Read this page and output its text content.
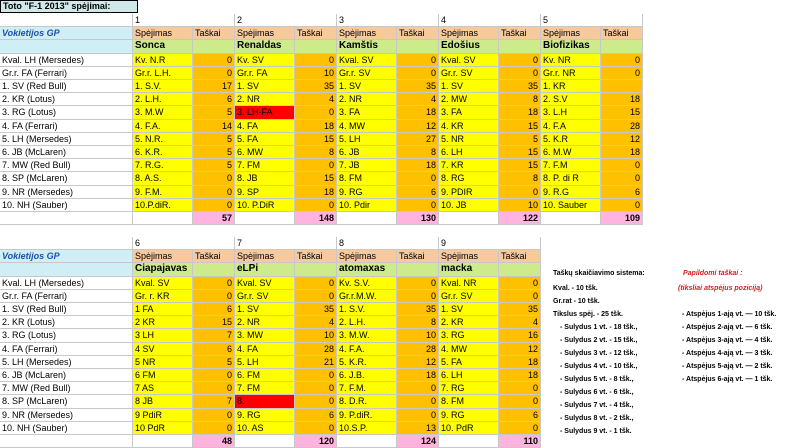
Toto "F-1 2013" spėjimai:
1	2	3	4	5
Vokietijos GP	Spėjimas	Taškai	Spėjimas	Taškai	Spėjimas	Taškai	Spėjimas	Taškai	Spėjimas	Taškai
Sonca	Renaldas	Kamštis	Edošius	Biofizikas
Kval. LH (Mersedes)	Kv. N.R	0 Kv. SV	0 Kval. SV	0 Kval. SV	0 Kv. NR	0
Gr.r. FA (Ferrari)	Gr.r. L.H.	0 Gr.r. FA	10 Gr.r. SV	0 Gr.r. SV	0 Gr.r. NR	0
1. SV (Red Bull)	1. S.V.	17 1. SV	35 1. SV	35 1. SV	35 1. KR
2. KR (Lotus)	2. L.H.	6 2. NR	4 2. NR	4 2. MW	8 2. S.V	18
3. RG (Lotus)	3. M.W	5 3. LH-FA	0 3. FA	18 3. FA	18 3. L.H	15
4. FA (Ferrari)	4. F.A.	14 4. FA	18 4. MW	12 4. KR	15 4. F.A	28
5. LH (Mersedes)	5. N.R.	5 5. FA	15 5. LH	27 5. NR	5 5. K.R	12
6. JB (McLaren)	6. K.R.	5 6. MW	8 6. JB	8 6. LH	15 6. M.W	18
7. MW (Red Bull)	7. R.G.	5 7. FM	0 7. JB	18 7. KR	15 7. F.M	0
8. SP (McLaren)	8. A.S.	0 8. JB	15 8. FM	0 8. RG	8 8. P. di R	0
9. NR (Mersedes)	9. F.M.	0 9. SP	18 9. RG	6 9. PDIR	0 9. R.G	6
10. NH (Sauber)	10.P.diR.	0 10. P.DiR	0 10. Pdir	0 10. JB	10 10. Sauber	0
57	148	130	122	109
6	7	8	9
Vokietijos GP	Spėjimas	Taškai	Spėjimas	Taškai	Spėjimas	Taškai	Spėjimas	Taškai
Ciapajavas	eLPi	atomaxas	macka
Kval. LH (Mersedes)	Kval. SV	0 Kval. SV	0 Kv. S.V.	0 Kval. NR	0
Gr.r. FA (Ferrari)	Gr. r. KR	0 Gr.r. SV	0 Gr.r.M.W.	0 Gr.r. SV	0
1. SV (Red Bull)	1 FA	6 1. SV	35 1. S.V.	35 1. SV	35
2. KR (Lotus)	2 KR	15 2. NR	4 2. L.H.	8 2. KR	4
3. RG (Lotus)	3 LH	7 3. MW	10 3. M.W.	10 3. RG	16
4. FA (Ferrari)	4 SV	6 4. FA	28 4. F.A.	28 4. MW	12
5. LH (Mersedes)	5 NR	5 5. LH	21 5. K.R.	12 5. FA	18
6. JB (McLaren)	6 FM	0 6. FM	0 6. J.B.	18 6. LH	18
7. MW (Red Bull)	7 AS	0 7. FM	0 7. F.M.	0 7. RG	0
8. SP (McLaren)	8 JB	7 8.	0 8. D.R.	0 8. FM	0
9. NR (Mersedes)	9 PdiR	0 9. RG	6 9. P.diR.	0 9. RG	6
10. NH (Sauber)	10 PdR	0 10. AS	0 10.S.P.	13 10. PdR	0
48	120	124	110
Taškų skaičiavimo sistema:
Kval. - 10 tšk.
Gr.rat - 10 tšk.
Tikslus spėj. - 25 tšk.
- Sulydus 1 vt. - 18 tšk.,
- Sulydus 2 vt. - 15 tšk.,
- Sulydus 3 vt. - 12 tšk.,
- Sulydus 4 vt. - 10 tšk.,
- Sulydus 5 vt. - 8 tšk.,
- Sulydus 6 vt. - 6 tšk.,
- Sulydus 7 vt. - 4 tšk.,
- Sulydus 8 vt. - 2 tšk.,
- Sulydus 9 vt. - 1 tšk.
Papildomi taškai :
(tiksliai atspėjus poziciją)
- Atspėjus 1-ają vt. — 10 tšk.
- Atspėjus 2-ają vt. — 6 tšk.
- Atspėjus 3-ają vt. — 4 tšk.
- Atspėjus 4-ają vt. — 3 tšk.
- Atspėjus 5-ają vt. — 2 tšk.
- Atspėjus 6-ają vt. — 1 tšk.
